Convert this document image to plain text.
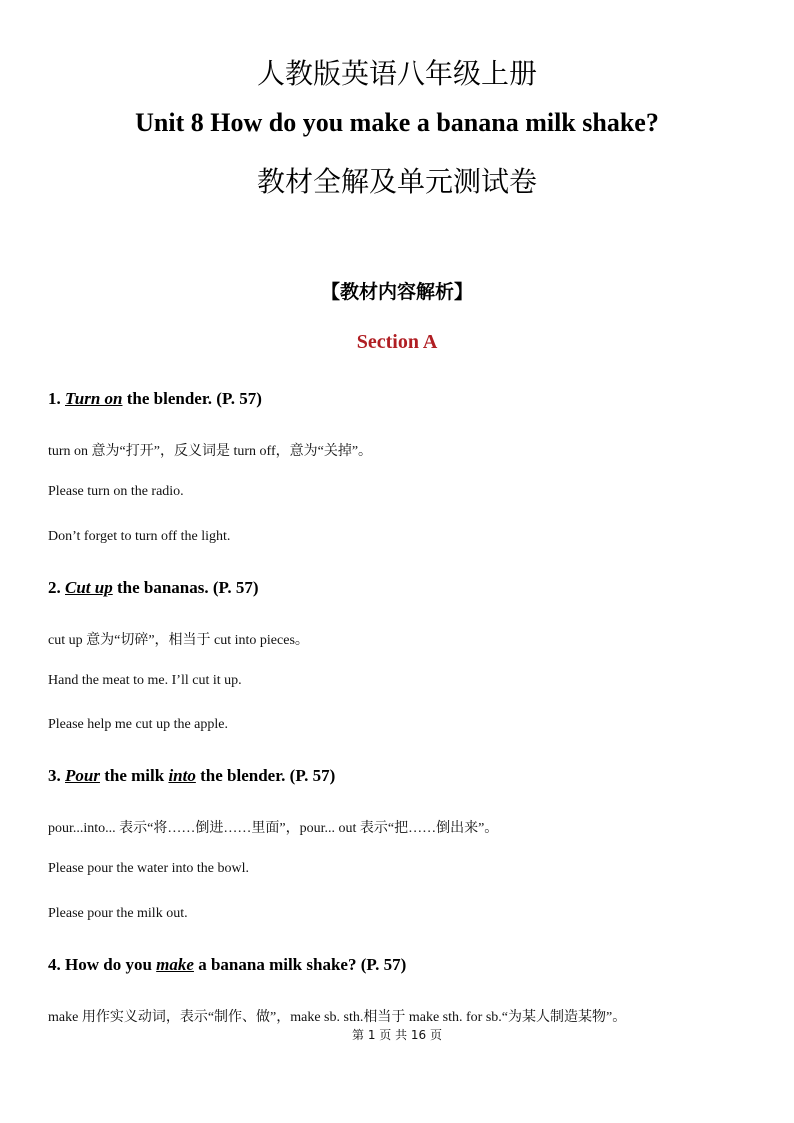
人教版英语八年级上册
Unit 8 How do you make a banana milk shake?
教材全解及单元测试卷
【教材内容解析】
Section A
1. Turn on the blender. (P. 57)
turn on 意为“打开”，反义词是 turn off，意为“关掉”。
Please turn on the radio.
Don’t forget to turn off the light.
2. Cut up the bananas. (P. 57)
cut up 意为“切碎”，相当于 cut into pieces。
Hand the meat to me. I’ll cut it up.
Please help me cut up the apple.
3. Pour the milk into the blender. (P. 57)
pour...into... 表示“将……倒进……里面”，pour... out 表示“把……倒出来”。
Please pour the water into the bowl.
Please pour the milk out.
4. How do you make a banana milk shake? (P. 57)
make 用作实义动词，表示“制作、做”，make sb. sth.相当于 make sth. for sb.“为某人制造某物”。
第 1 页 共 16 页
